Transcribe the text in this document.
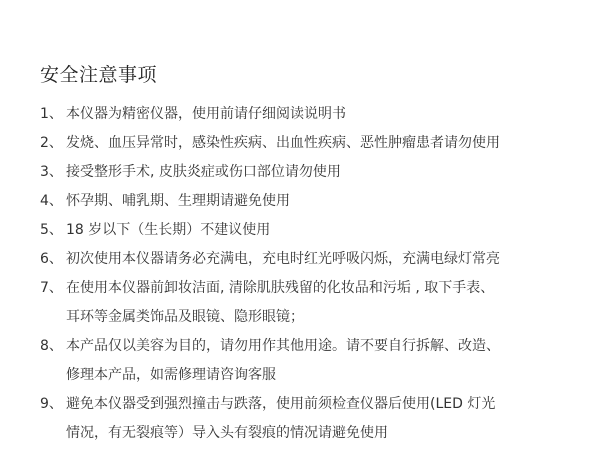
安全注意事项
1、 本仪器为精密仪器，使用前请仔细阅读说明书
2、 发烧、血压异常时，感染性疾病、出血性疾病、恶性肿瘤患者请勿使用
3、 接受整形手术, 皮肤炎症或伤口部位请勿使用
4、 怀孕期、哺乳期、生理期请避免使用
5、 18 岁以下（生长期）不建议使用
6、 初次使用本仪器请务必充满电，充电时红光呼吸闪烁，充满电绿灯常亮
7、 在使用本仪器前卸妆洁面, 清除肌肤残留的化妆品和污垢 , 取下手表、
耳环等金属类饰品及眼镜、隐形眼镜；
8、 本产品仅以美容为目的，请勿用作其他用途。请不要自行拆解、改造、
修理本产品，如需修理请咨询客服
9、 避免本仪器受到强烈撞击与跌落，使用前须检查仪器后使用(LED 灯光
情况，有无裂痕等）导入头有裂痕的情况请避免使用
